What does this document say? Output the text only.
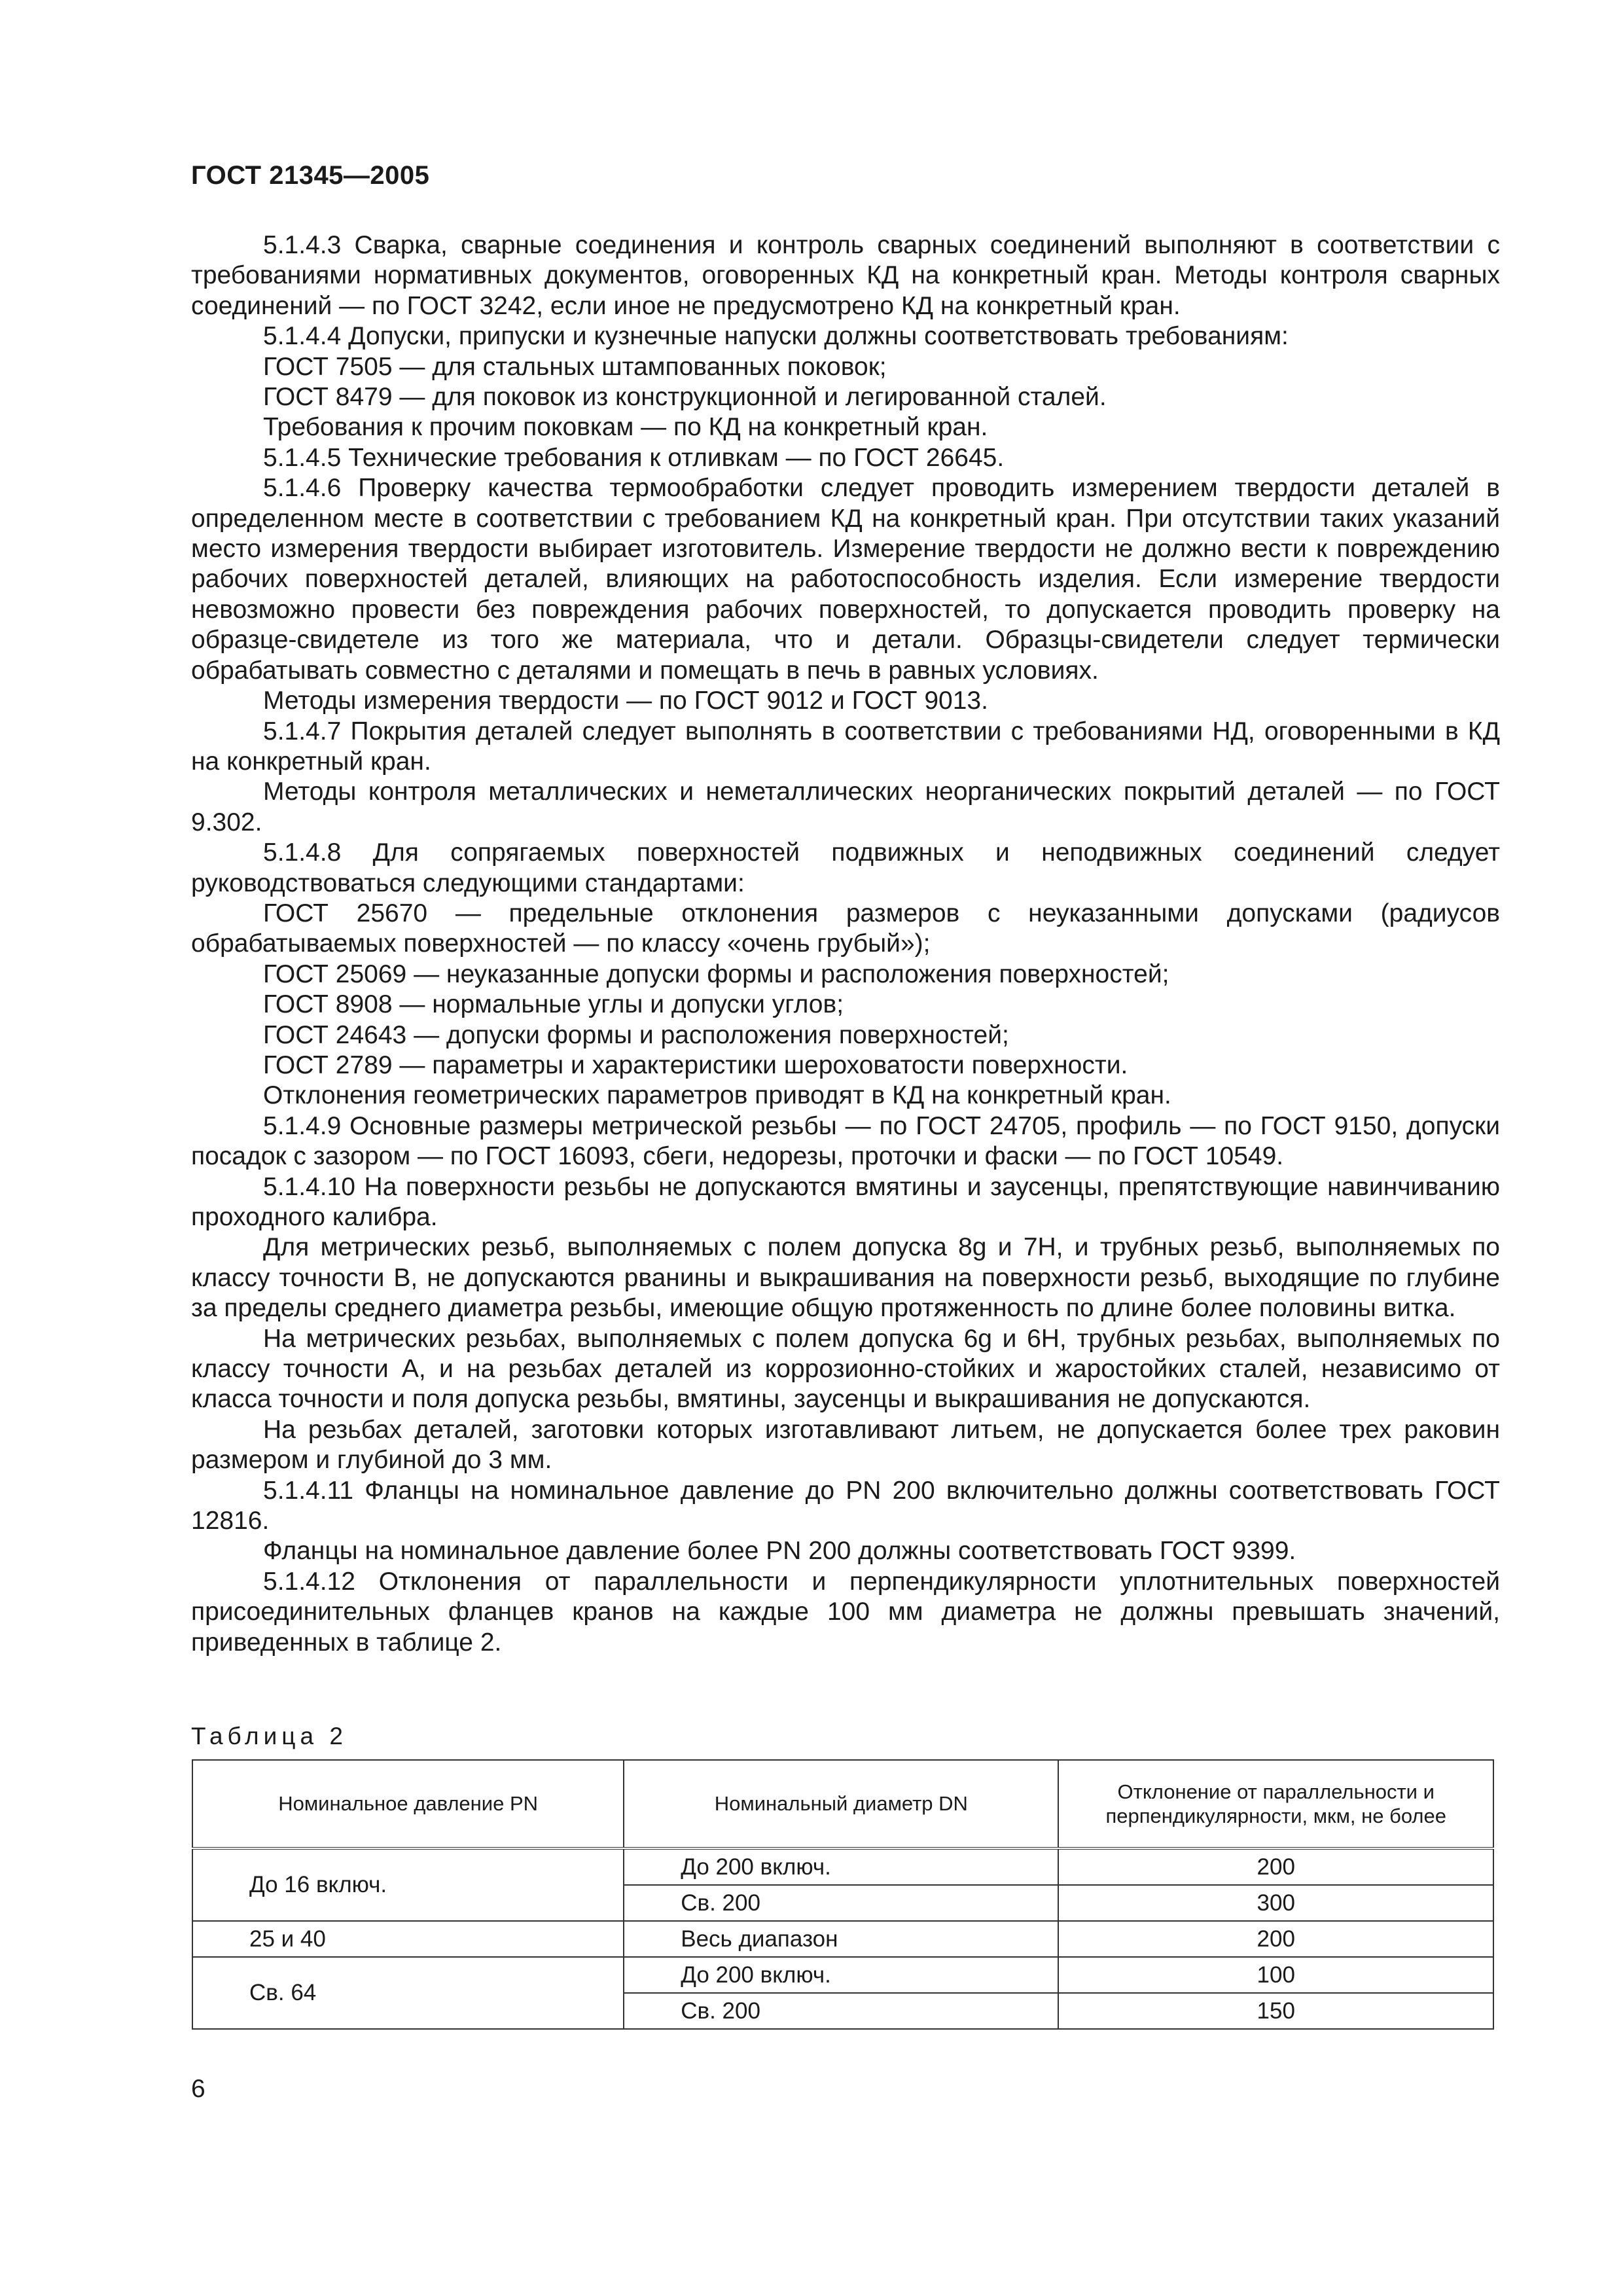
ГОСТ 21345—2005

5.1.4.3 Сварка, сварные соединения и контроль сварных соединений выполняют в соответствии с требованиями нормативных документов, оговоренных КД на конкретный кран. Методы контроля сварных соединений — по ГОСТ 3242, если иное не предусмотрено КД на конкретный кран.

5.1.4.4 Допуски, припуски и кузнечные напуски должны соответствовать требованиям:

ГОСТ 7505 — для стальных штампованных поковок;

ГОСТ 8479 — для поковок из конструкционной и легированной сталей.

Требования к прочим поковкам — по КД на конкретный кран.

5.1.4.5 Технические требования к отливкам — по ГОСТ 26645.

5.1.4.6 Проверку качества термообработки следует проводить измерением твердости деталей в определенном месте в соответствии с требованием КД на конкретный кран. При отсутствии таких указаний место измерения твердости выбирает изготовитель. Измерение твердости не должно вести к повреждению рабочих поверхностей деталей, влияющих на работоспособность изделия. Если измерение твердости невозможно провести без повреждения рабочих поверхностей, то допускается проводить проверку на образце-свидетеле из того же материала, что и детали. Образцы-свидетели следует термически обрабатывать совместно с деталями и помещать в печь в равных условиях.

Методы измерения твердости — по ГОСТ 9012 и ГОСТ 9013.

5.1.4.7 Покрытия деталей следует выполнять в соответствии с требованиями НД, оговоренными в КД на конкретный кран.

Методы контроля металлических и неметаллических неорганических покрытий деталей — по ГОСТ 9.302.

5.1.4.8 Для сопрягаемых поверхностей подвижных и неподвижных соединений следует руководствоваться следующими стандартами:

ГОСТ 25670 — предельные отклонения размеров с неуказанными допусками (радиусов обрабатываемых поверхностей — по классу «очень грубый»);

ГОСТ 25069 — неуказанные допуски формы и расположения поверхностей;

ГОСТ 8908 — нормальные углы и допуски углов;

ГОСТ 24643 — допуски формы и расположения поверхностей;

ГОСТ 2789 — параметры и характеристики шероховатости поверхности.

Отклонения геометрических параметров приводят в КД на конкретный кран.

5.1.4.9 Основные размеры метрической резьбы — по ГОСТ 24705, профиль — по ГОСТ 9150, допуски посадок с зазором — по ГОСТ 16093, сбеги, недорезы, проточки и фаски — по ГОСТ 10549.

5.1.4.10 На поверхности резьбы не допускаются вмятины и заусенцы, препятствующие навинчиванию проходного калибра.

Для метрических резьб, выполняемых с полем допуска 8g и 7H, и трубных резьб, выполняемых по классу точности В, не допускаются рванины и выкрашивания на поверхности резьб, выходящие по глубине за пределы среднего диаметра резьбы, имеющие общую протяженность по длине более половины витка.

На метрических резьбах, выполняемых с полем допуска 6g и 6H, трубных резьбах, выполняемых по классу точности А, и на резьбах деталей из коррозионно-стойких и жаростойких сталей, независимо от класса точности и поля допуска резьбы, вмятины, заусенцы и выкрашивания не допускаются.

На резьбах деталей, заготовки которых изготавливают литьем, не допускается более трех раковин размером и глубиной до 3 мм.

5.1.4.11 Фланцы на номинальное давление до PN 200 включительно должны соответствовать ГОСТ 12816.

Фланцы на номинальное давление более PN 200 должны соответствовать ГОСТ 9399.

5.1.4.12 Отклонения от параллельности и перпендикулярности уплотнительных поверхностей присоединительных фланцев кранов на каждые 100 мм диаметра не должны превышать значений, приведенных в таблице 2.

Таблица 2
Номинальное давление PN	Номинальный диаметр DN	Отклонение от параллельности и перпендикулярности, мкм, не более
До 16 включ.	До 200 включ.	200
	Св. 200	300
25 и 40	Весь диапазон	200
Св. 64	До 200 включ.	100
	Св. 200	150
6
